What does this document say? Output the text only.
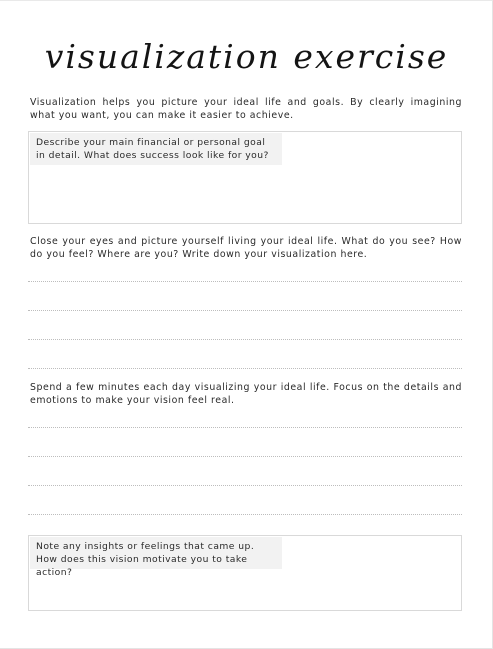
visualization exercise
Visualization helps you picture your ideal life and goals. By clearly imagining what you want, you can make it easier to achieve.
Describe your main financial or personal goal in detail. What does success look like for you?
Close your eyes and picture yourself living your ideal life. What do you see? How do you feel? Where are you? Write down your visualization here.
Spend a few minutes each day visualizing your ideal life. Focus on the details and emotions to make your vision feel real.
Note any insights or feelings that came up. How does this vision motivate you to take action?
